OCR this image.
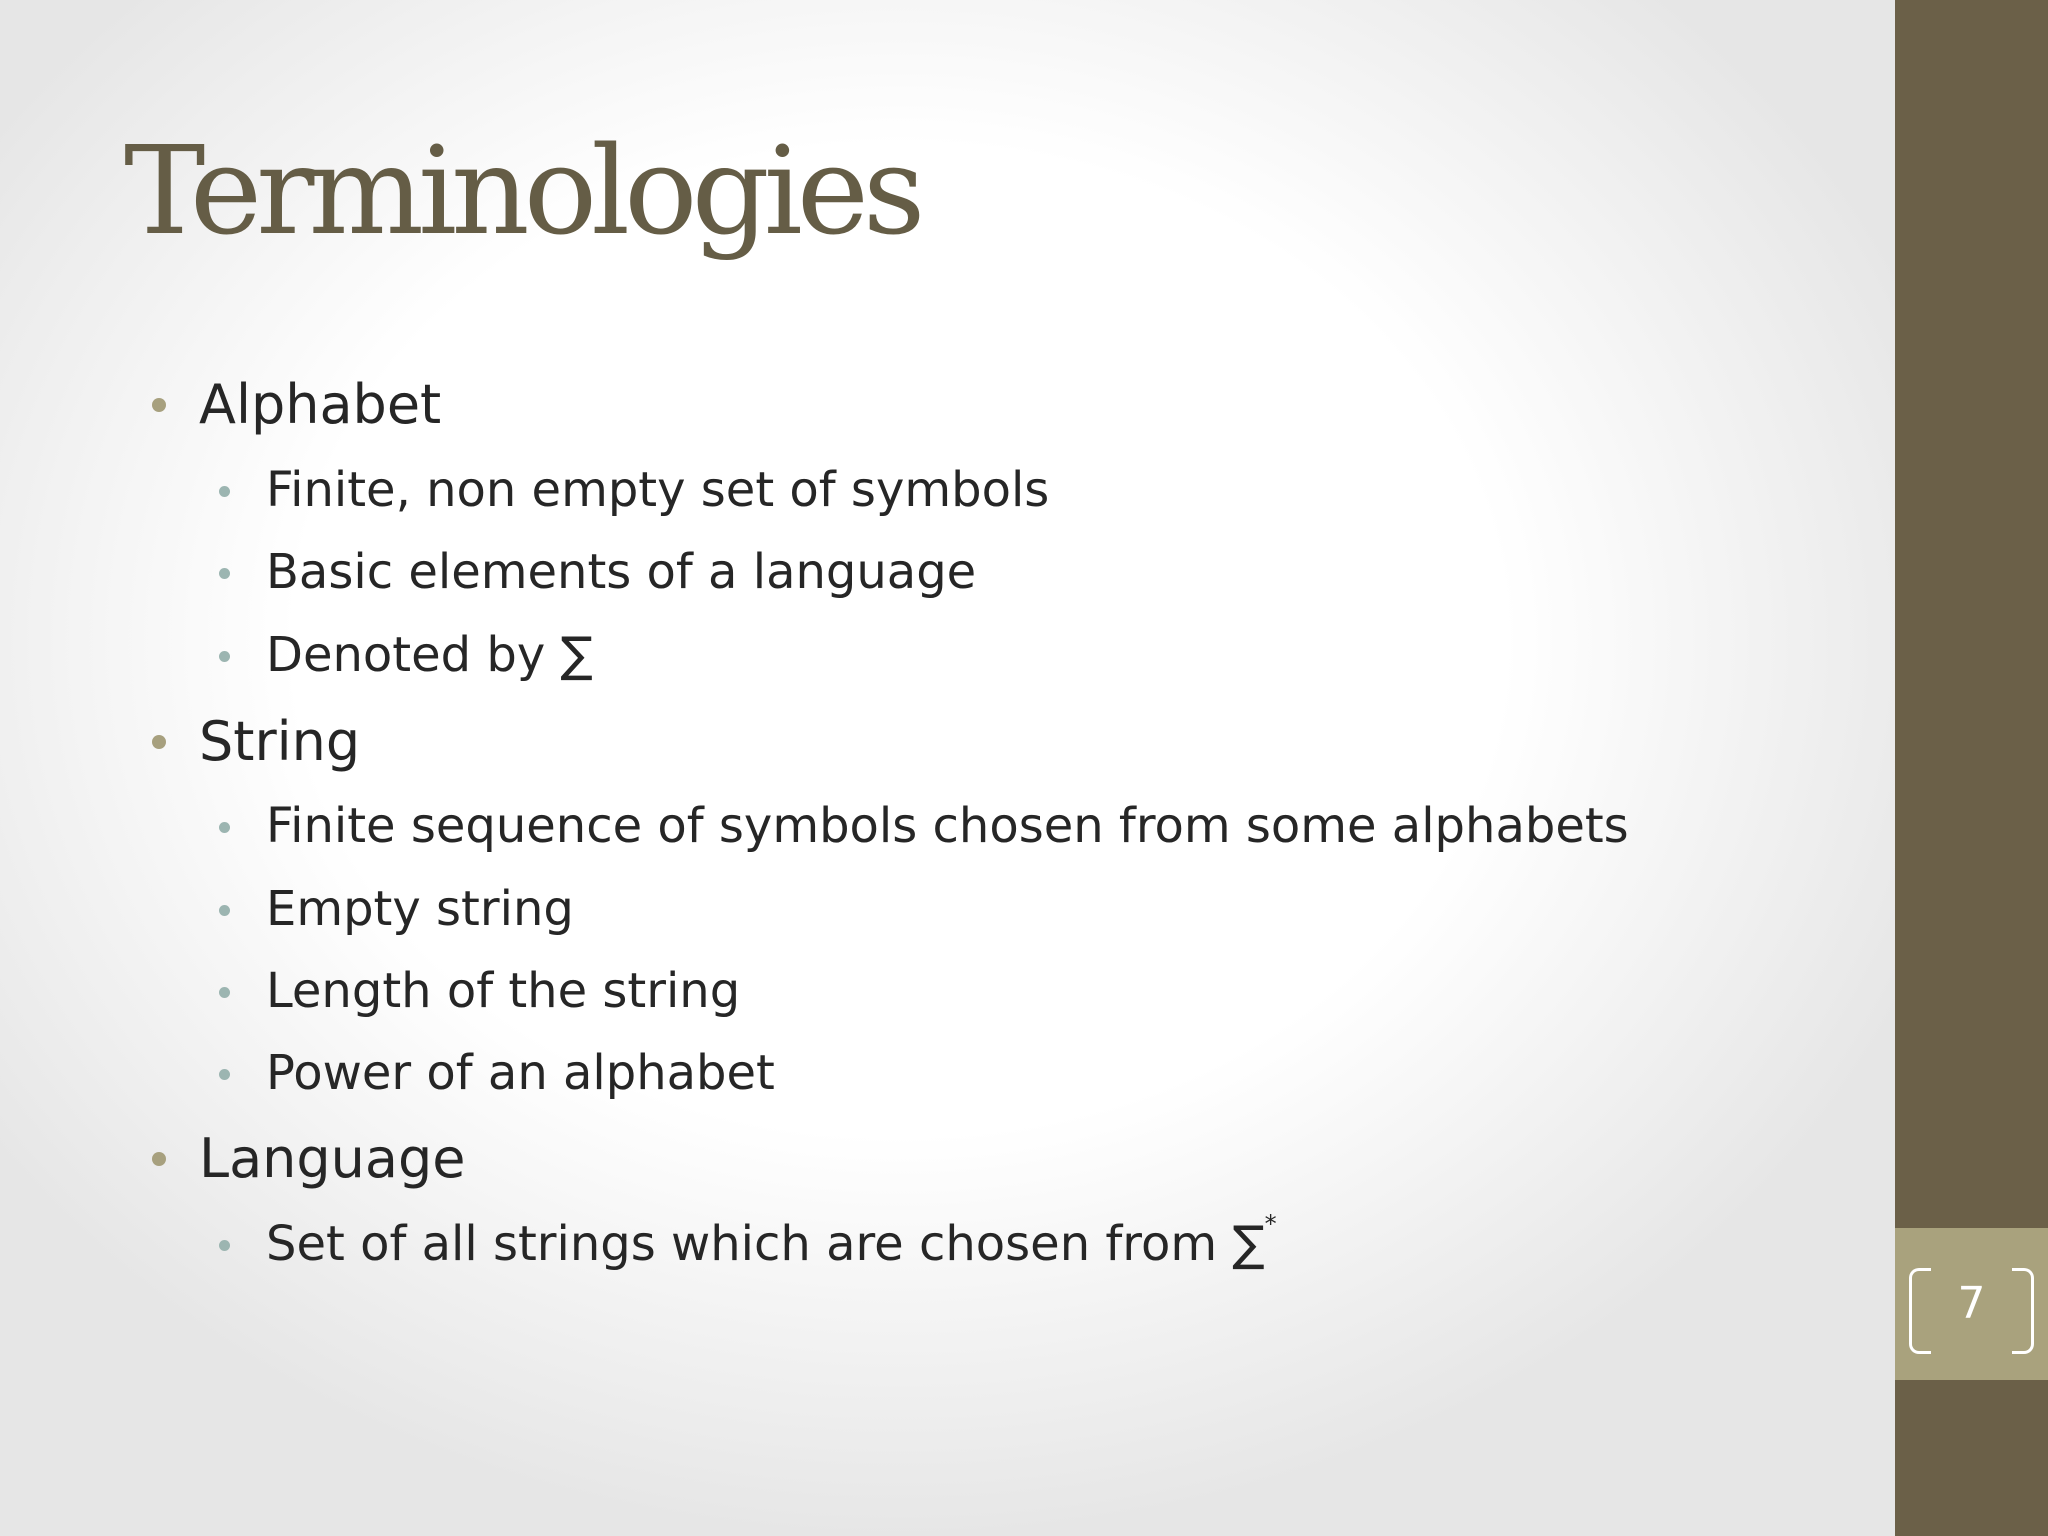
7
Terminologies
Alphabet
Finite, non empty set of symbols
Basic elements of a language
Denoted by ∑
String
Finite sequence of symbols chosen from some alphabets
Empty string
Length of the string
Power of an alphabet
Language
Set of all strings which are chosen from ∑*
